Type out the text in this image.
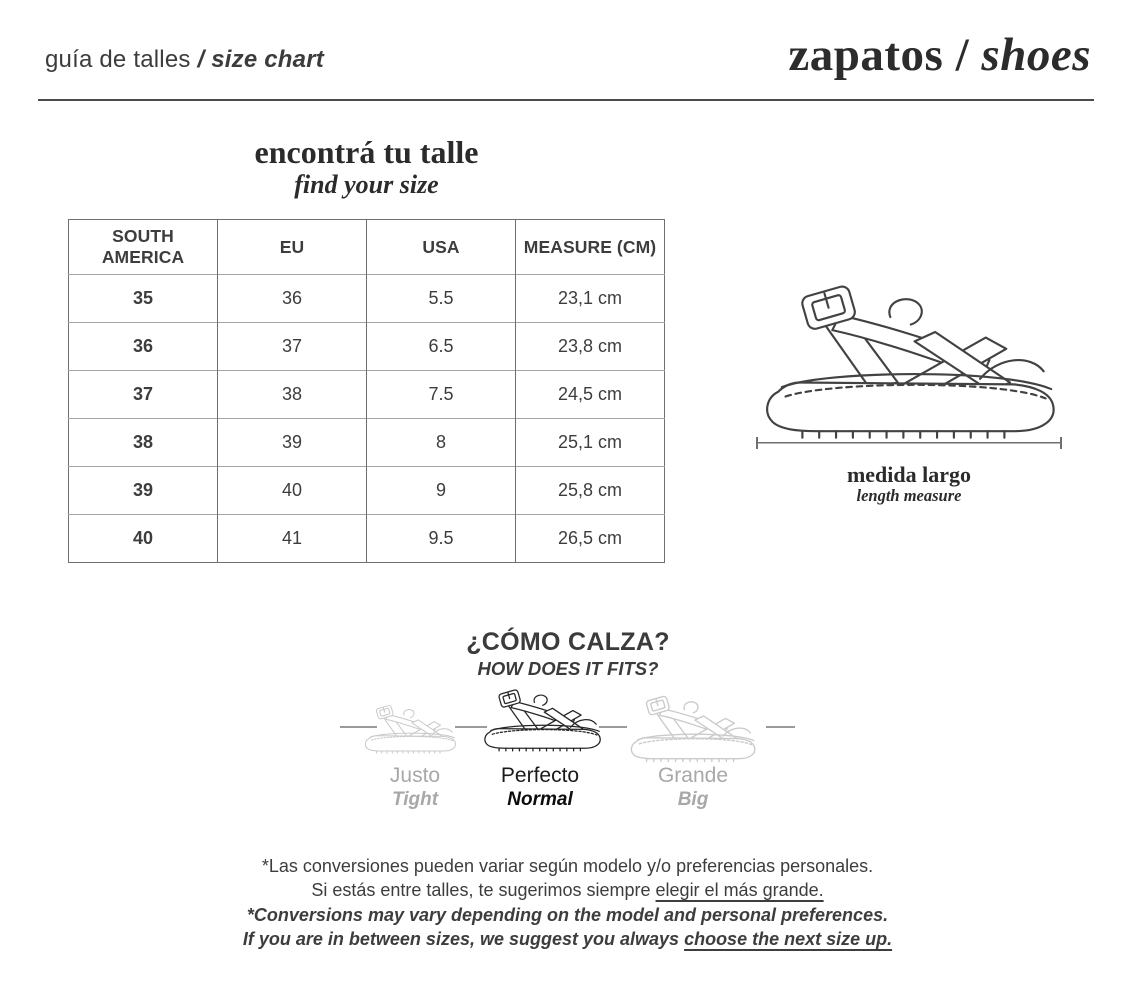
guía de talles / size chart	zapatos / shoes
encontrá tu talle
find your size
SOUTH AMERICA	EU	USA	MEASURE (CM)
35	36	5.5	23,1 cm
36	37	6.5	23,8 cm
37	38	7.5	24,5 cm
38	39	8	25,1 cm
39	40	9	25,8 cm
40	41	9.5	26,5 cm
medida largo
length measure
¿CÓMO CALZA?
HOW DOES IT FITS?
Justo
Tight
Perfecto
Normal
Grande
Big
*Las conversiones pueden variar según modelo y/o preferencias personales.
Si estás entre talles, te sugerimos siempre elegir el más grande.
*Conversions may vary depending on the model and personal preferences.
If you are in between sizes, we suggest you always choose the next size up.
